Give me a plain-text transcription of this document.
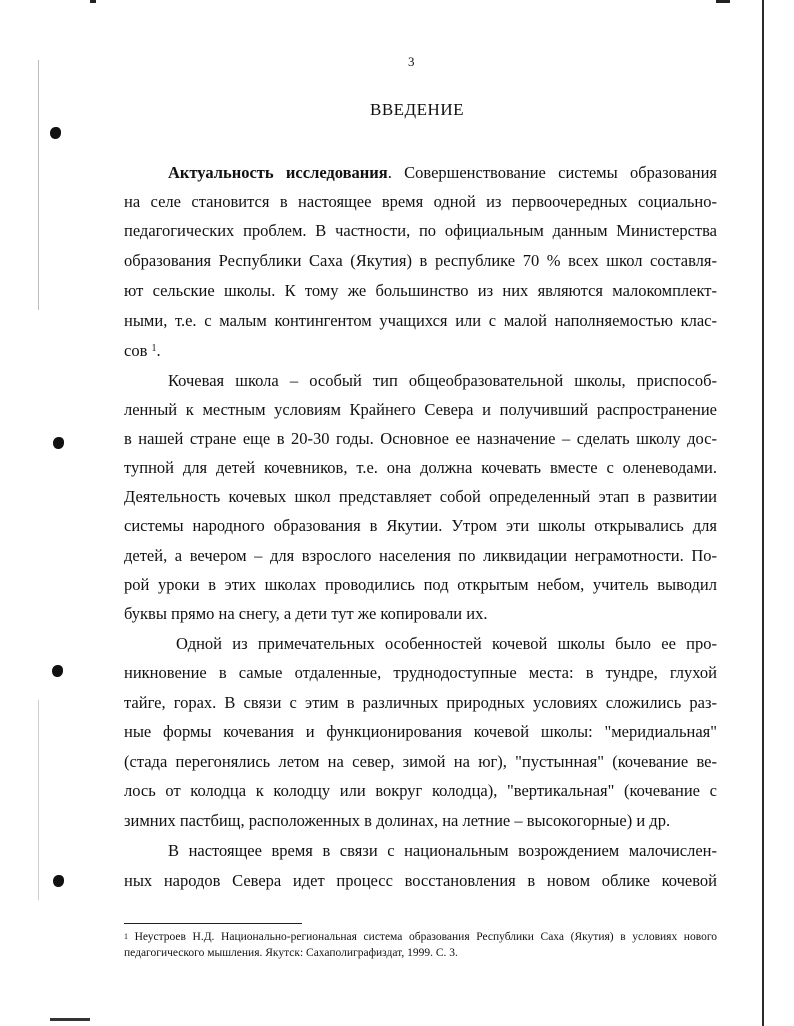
3
ВВЕДЕНИЕ
Актуальность исследования. Совершенствование системы образования
на селе становится в настоящее время одной из первоочередных социально-
педагогических проблем. В частности, по официальным данным Министерства
образования Республики Саха (Якутия) в республике 70 % всех школ составля-
ют сельские школы. К тому же большинство из них являются малокомплект-
ными, т.е. с малым контингентом учащихся или с малой наполняемостью клас-
сов $^1$.
Кочевая школа – особый тип общеобразовательной школы, приспособ-
ленный к местным условиям Крайнего Севера и получивший распространение
в нашей стране еще в 20-30 годы. Основное ее назначение – сделать школу дос-
тупной для детей кочевников, т.е. она должна кочевать вместе с оленеводами.
Деятельность кочевых школ представляет собой определенный этап в развитии
системы народного образования в Якутии. Утром эти школы открывались для
детей, а вечером – для взрослого населения по ликвидации неграмотности. По-
рой уроки в этих школах проводились под открытым небом, учитель выводил
буквы прямо на снегу, а дети тут же копировали их.
Одной из примечательных особенностей кочевой школы было ее про-
никновение в самые отдаленные, труднодоступные места: в тундре, глухой
тайге, горах. В связи с этим в различных природных условиях сложились раз-
ные формы кочевания и функционирования кочевой школы: "меридиальная"
(стада перегонялись летом на север, зимой на юг), "пустынная" (кочевание ве-
лось от колодца к колодцу или вокруг колодца), "вертикальная" (кочевание с
зимних пастбищ, расположенных в долинах, на летние – высокогорные) и др.
В настоящее время в связи с национальным возрождением малочислен-
ных народов Севера идет процесс восстановления в новом облике кочевой
$^1$ Неустроев Н.Д. Национально-региональная система образования Республики Саха (Якутия) в условиях нового
педагогического мышления. Якутск: Сахаполиграфиздат, 1999. С. 3.
